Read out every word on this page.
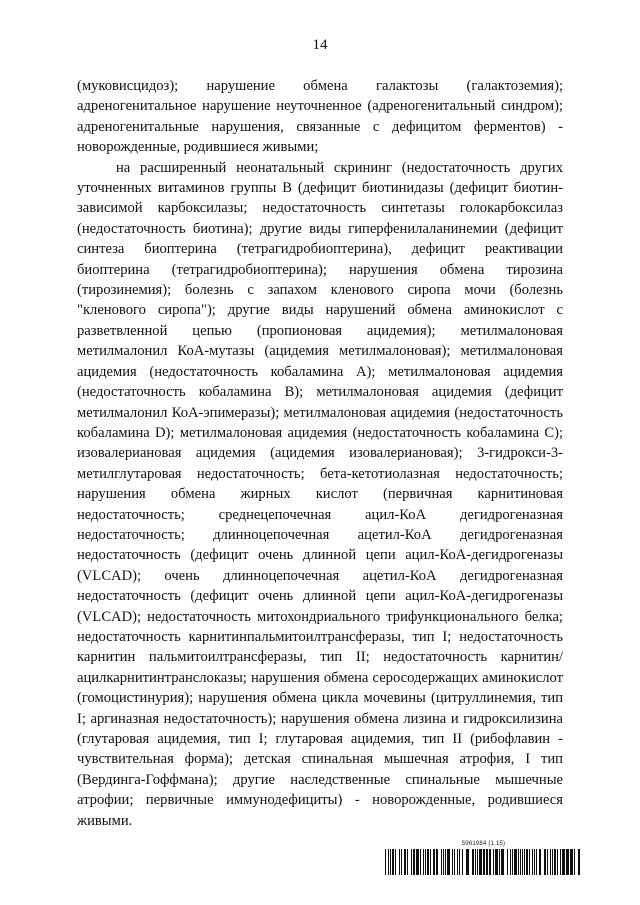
14

(муковисцидоз); нарушение обмена галактозы (галактоземия); адреногенитальное нарушение неуточненное (адреногенитальный синдром); адреногенитальные нарушения, связанные с дефицитом ферментов) - новорожденные, родившиеся живыми;

на расширенный неонатальный скрининг (недостаточность других уточненных витаминов группы В (дефицит биотинидазы (дефицит биотин-зависимой карбоксилазы; недостаточность синтетазы голокарбоксилаз (недостаточность биотина); другие виды гиперфенилаланинемии (дефицит синтеза биоптерина (тетрагидробиоптерина), дефицит реактивации биоптерина (тетрагидробиоптерина); нарушения обмена тирозина (тирозинемия); болезнь с запахом кленового сиропа мочи (болезнь "кленового сиропа"); другие виды нарушений обмена аминокислот с разветвленной цепью (пропионовая ацидемия); метилмалоновая метилмалонил КоА-мутазы (ацидемия метилмалоновая); метилмалоновая ацидемия (недостаточность кобаламина А); метилмалоновая ацидемия (недостаточность кобаламина В); метилмалоновая ацидемия (дефицит метилмалонил КоА-эпимеразы); метилмалоновая ацидемия (недостаточность кобаламина D); метилмалоновая ацидемия (недостаточность кобаламина С); изовалериановая ацидемия (ацидемия изовалериановая); 3-гидрокси-3-метилглутаровая недостаточность; бета-кетотиолазная недостаточность; нарушения обмена жирных кислот (первичная карнитиновая недостаточность; среднецепочечная ацил-КоА дегидрогеназная недостаточность; длинноцепочечная ацетил-КоА дегидрогеназная недостаточность (дефицит очень длинной цепи ацил-КоА-дегидрогеназы (VLCAD); очень длинноцепочечная ацетил-КоА дегидрогеназная недостаточность (дефицит очень длинной цепи ацил-КоА-дегидрогеназы (VLCAD); недостаточность митохондриального трифункционального белка; недостаточность карнитинпальмитоилтрансферазы, тип I; недостаточность карнитин пальмитоилтрансферазы, тип II; недостаточность карнитин/ацилкарнитинтранслоказы; нарушения обмена серосодержащих аминокислот (гомоцистинурия); нарушения обмена цикла мочевины (цитруллинемия, тип I; аргиназная недостаточность); нарушения обмена лизина и гидроксилизина (глутаровая ацидемия, тип I; глутаровая ацидемия, тип II (рибофлавин - чувствительная форма); детская спинальная мышечная атрофия, I тип (Вердинга-Гоффмана); другие наследственные спинальные мышечные атрофии; первичные иммунодефициты) - новорожденные, родившиеся живыми.

5961984 (1.15)
